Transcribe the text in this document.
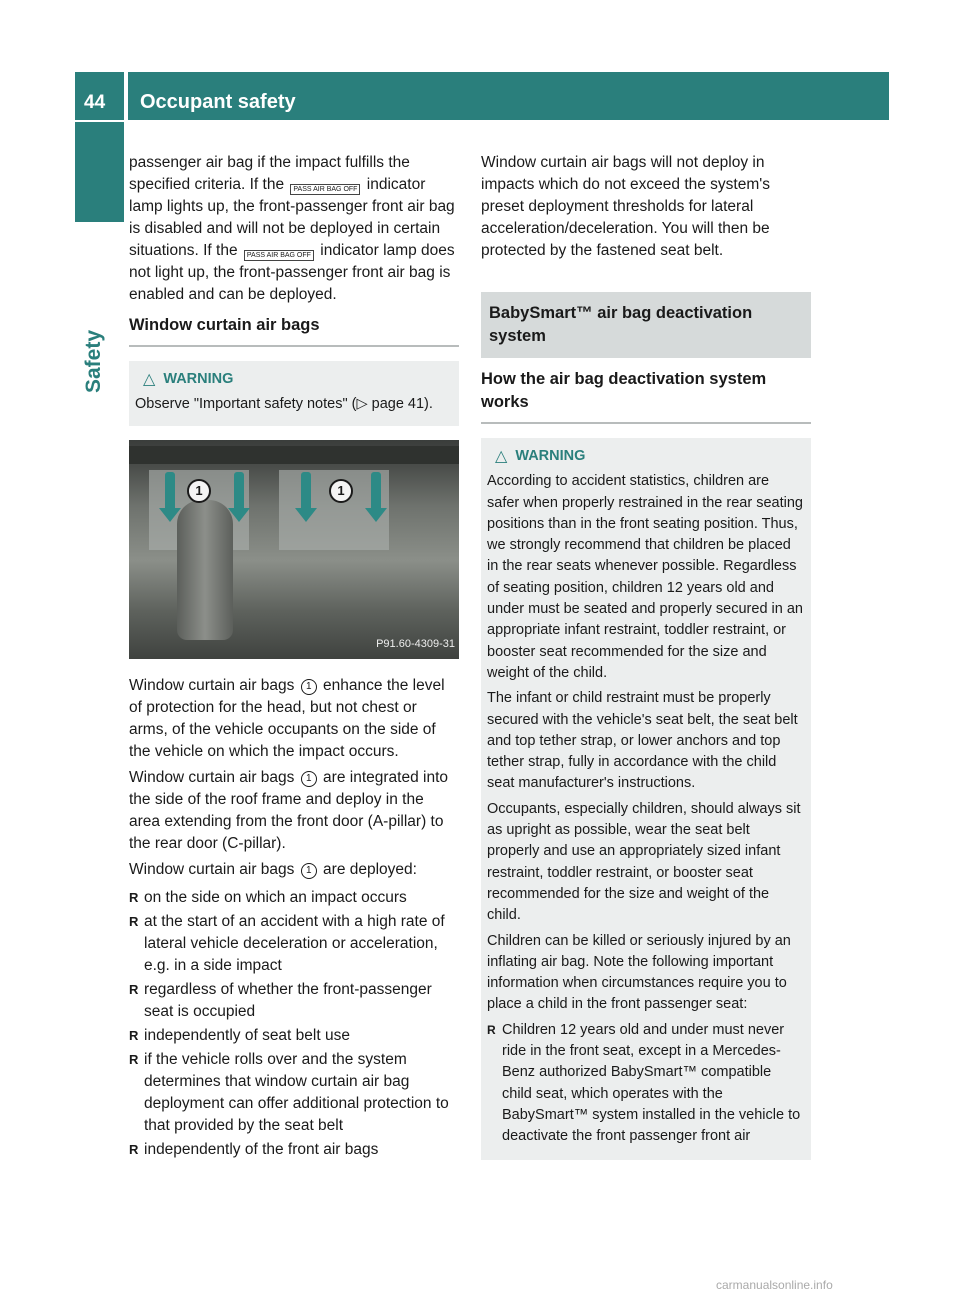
44 Occupant safety
Safety

passenger air bag if the impact fulfills the specified criteria. If the PASS AIR BAG OFF indicator lamp lights up, the front-passenger front air bag is disabled and will not be deployed in certain situations. If the PASS AIR BAG OFF indicator lamp does not light up, the front-passenger front air bag is enabled and can be deployed.

Window curtain air bags
△ WARNING
Observe "Important safety notes" (▷ page 41).
1	1
P91.60-4309-31

Window curtain air bags 1 enhance the level of protection for the head, but not chest or arms, of the vehicle occupants on the side of the vehicle on which the impact occurs.

Window curtain air bags 1 are integrated into the side of the roof frame and deploy in the area extending from the front door (A-pillar) to the rear door (C-pillar).

Window curtain air bags 1 are deployed:

R on the side on which an impact occurs
R at the start of an accident with a high rate of lateral vehicle deceleration or acceleration, e.g. in a side impact
R regardless of whether the front-passenger seat is occupied
R independently of seat belt use
R if the vehicle rolls over and the system determines that window curtain air bag deployment can offer additional protection to that provided by the seat belt
R independently of the front air bags

Window curtain air bags will not deploy in impacts which do not exceed the system's preset deployment thresholds for lateral acceleration/deceleration. You will then be protected by the fastened seat belt.

BabySmart™ air bag deactivation system
How the air bag deactivation system works
△ WARNING

According to accident statistics, children are safer when properly restrained in the rear seating positions than in the front seating position. Thus, we strongly recommend that children be placed in the rear seats whenever possible. Regardless of seating position, children 12 years old and under must be seated and properly secured in an appropriate infant restraint, toddler restraint, or booster seat recommended for the size and weight of the child.

The infant or child restraint must be properly secured with the vehicle's seat belt, the seat belt and top tether strap, or lower anchors and top tether strap, fully in accordance with the child seat manufacturer's instructions.

Occupants, especially children, should always sit as upright as possible, wear the seat belt properly and use an appropriately sized infant restraint, toddler restraint, or booster seat recommended for the size and weight of the child.

Children can be killed or seriously injured by an inflating air bag. Note the following important information when circumstances require you to place a child in the front passenger seat:

R Children 12 years old and under must never ride in the front seat, except in a Mercedes-Benz authorized BabySmart™ compatible child seat, which operates with the BabySmart™ system installed in the vehicle to deactivate the front passenger front air
carmanualsonline.info
